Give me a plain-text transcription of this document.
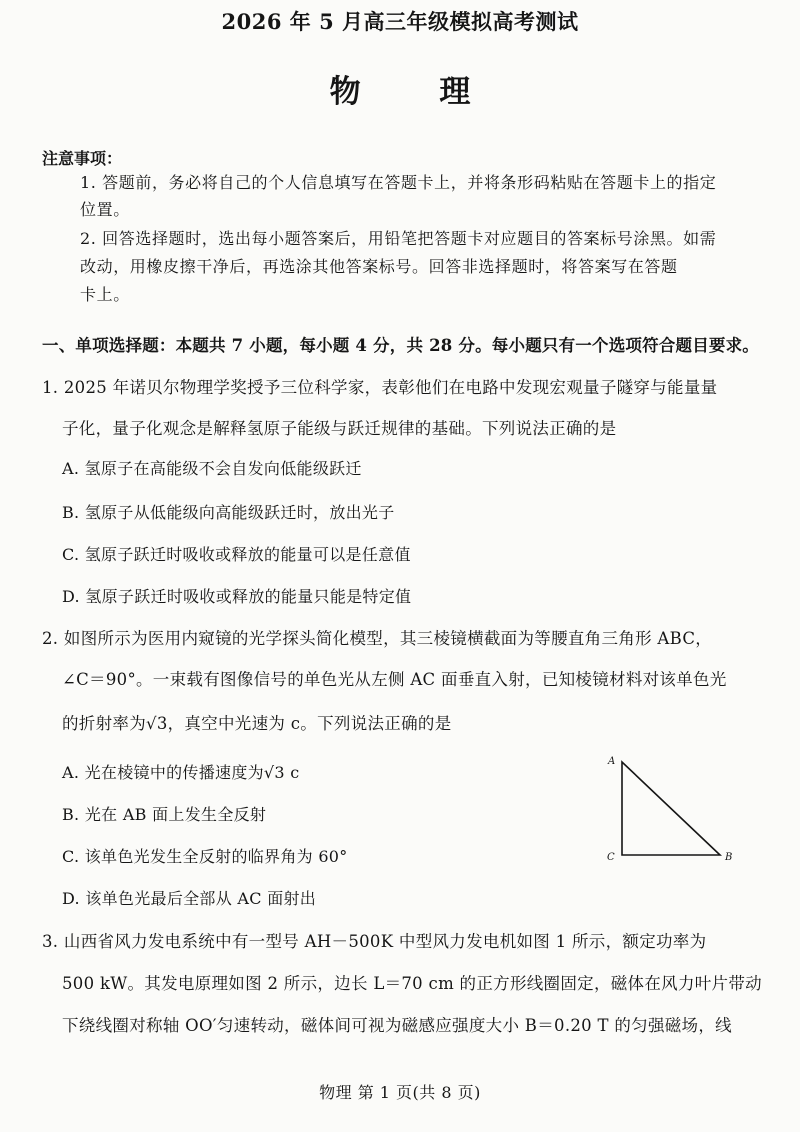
2026 年 5 月高三年级模拟高考测试
物 理
注意事项：
1. 答题前，务必将自己的个人信息填写在答题卡上，并将条形码粘贴在答题卡上的指定
位置。
2. 回答选择题时，选出每小题答案后，用铅笔把答题卡对应题目的答案标号涂黑。如需
改动，用橡皮擦干净后，再选涂其他答案标号。回答非选择题时，将答案写在答题
卡上。
一、单项选择题：本题共 7 小题，每小题 4 分，共 28 分。每小题只有一个选项符合题目要求。
1. 2025 年诺贝尔物理学奖授予三位科学家，表彰他们在电路中发现宏观量子隧穿与能量量
子化，量子化观念是解释氢原子能级与跃迁规律的基础。下列说法正确的是
A. 氢原子在高能级不会自发向低能级跃迁
B. 氢原子从低能级向高能级跃迁时，放出光子
C. 氢原子跃迁时吸收或释放的能量可以是任意值
D. 氢原子跃迁时吸收或释放的能量只能是特定值
2. 如图所示为医用内窥镜的光学探头简化模型，其三棱镜横截面为等腰直角三角形 ABC，
∠C＝90°。一束载有图像信号的单色光从左侧 AC 面垂直入射，已知棱镜材料对该单色光
的折射率为√3，真空中光速为 c。下列说法正确的是
A. 光在棱镜中的传播速度为√3 c
B. 光在 AB 面上发生全反射
C. 该单色光发生全反射的临界角为 60°
D. 该单色光最后全部从 AC 面射出
A
C	B
3. 山西省风力发电系统中有一型号 AH－500K 中型风力发电机如图 1 所示，额定功率为
500 kW。其发电原理如图 2 所示，边长 L＝70 cm 的正方形线圈固定，磁体在风力叶片带动
下绕线圈对称轴 OO′匀速转动，磁体间可视为磁感应强度大小 B＝0.20 T 的匀强磁场，线
物理 第 1 页(共 8 页)
